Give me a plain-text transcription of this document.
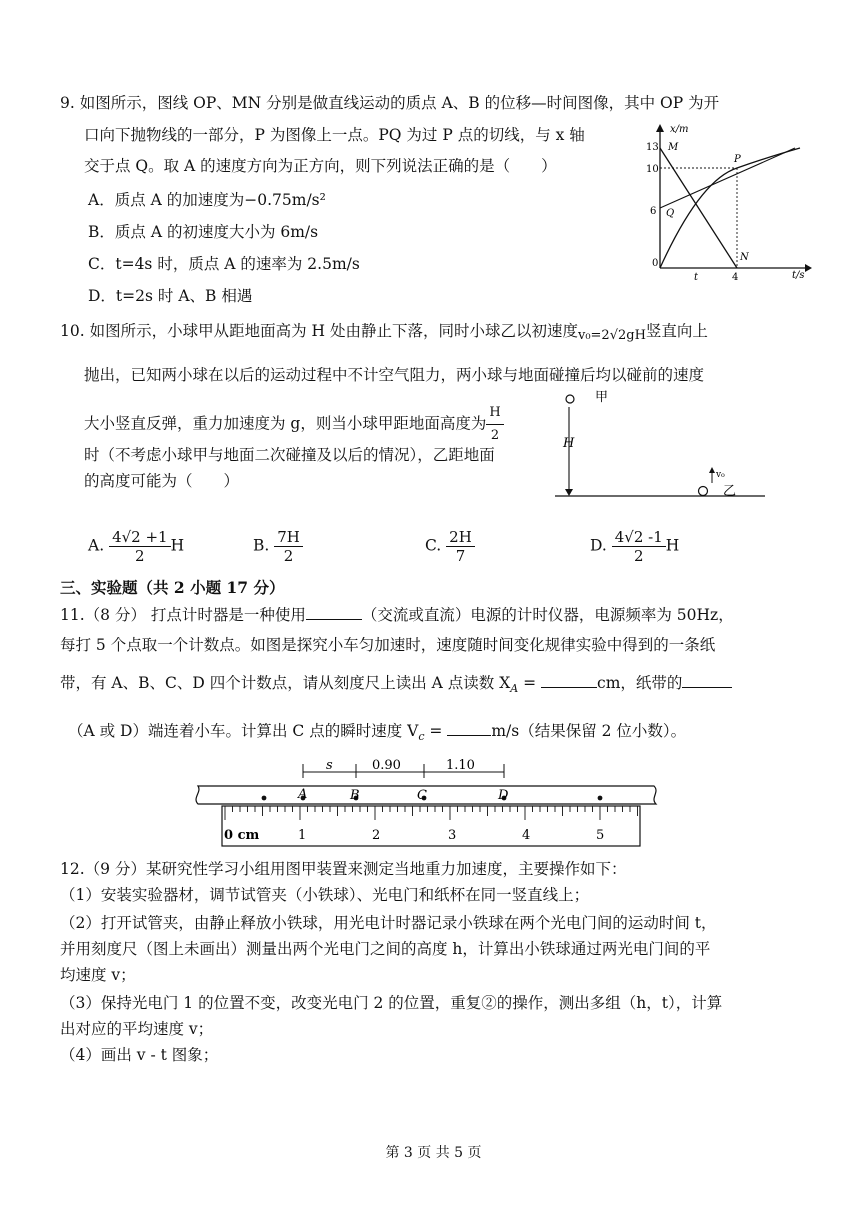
9. 如图所示，图线 OP、MN 分别是做直线运动的质点 A、B 的位移—时间图像，其中 OP 为开
口向下抛物线的一部分，P 为图像上一点。PQ 为过 P 点的切线，与 x 轴
交于点 Q。取 A 的速度方向为正方向，则下列说法正确的是（　　）
A．质点 A 的加速度为−0.75m/s²
B．质点 A 的初速度大小为 6m/s
C．t=4s 时，质点 A 的速率为 2.5m/s
D．t=2s 时 A、B 相遇
x/m
t/s
13
10
6
0
t	4
M
P
Q
N
10. 如图所示，小球甲从距地面高为 H 处由静止下落，同时小球乙以初速度v₀=2√2gH竖直向上
抛出，已知两小球在以后的运动过程中不计空气阻力，两小球与地面碰撞后均以碰前的速度
大小竖直反弹，重力加速度为 g，则当小球甲距地面高度为 $\frac{H}{2}$
时（不考虑小球甲与地面二次碰撞及以后的情况），乙距地面
的高度可能为（　　）
甲
H
v₀
乙
A. $\frac{4√2 +1}{2}$ H	B. $\frac{7H}{2}$	C. $\frac{2H}{7}$	D. $\frac{4√2 -1}{2}$ H
三、实验题（共 2 小题 17 分）
11.（8 分） 打点计时器是一种使用	（交流或直流）电源的计时仪器，电源频率为 50Hz，
每打 5 个点取一个计数点。如图是探究小车匀加速时，速度随时间变化规律实验中得到的一条纸
带，有 A、B、C、D 四个计数点，请从刻度尺上读出 A 点读数 $X_A$ =	cm，纸带的
（A 或 D）端连着小车。计算出 C 点的瞬时速度 $V_c$ =	m/s（结果保留 2 位小数）。
s	0.90	1.10
A	B	C	D
0 cm	1	2	3	4	5
12.（9 分）某研究性学习小组用图甲装置来测定当地重力加速度，主要操作如下：
（1）安装实验器材，调节试管夹（小铁球）、光电门和纸杯在同一竖直线上；
（2）打开试管夹，由静止释放小铁球，用光电计时器记录小铁球在两个光电门间的运动时间 t，
并用刻度尺（图上未画出）测量出两个光电门之间的高度 h，计算出小铁球通过两光电门间的平
均速度 v；
（3）保持光电门 1 的位置不变，改变光电门 2 的位置，重复②的操作，测出多组（h，t），计算
出对应的平均速度 v；
（4）画出 v - t 图象；
第 3 页 共 5 页
